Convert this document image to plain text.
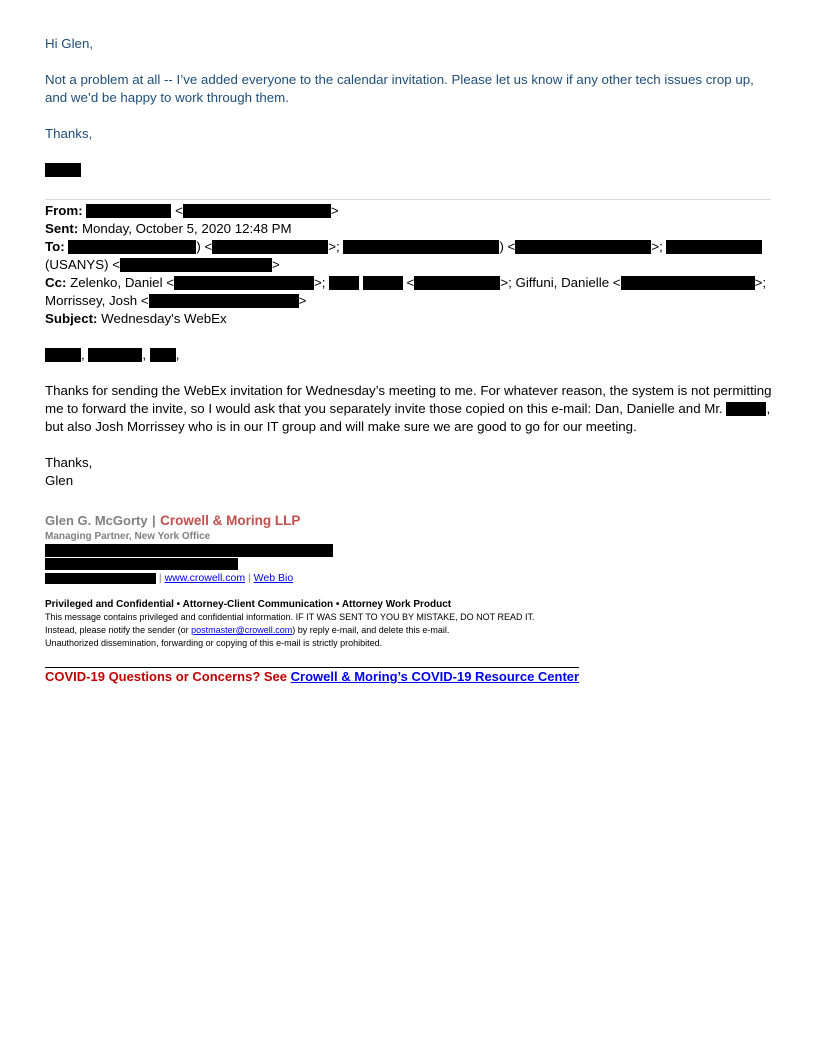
Hi Glen,

Not a problem at all -- I’ve added everyone to the calendar invitation. Please let us know if any other tech issues crop up, and we’d be happy to work through them.

Thanks,

From:	<	>
Sent: Monday, October 5, 2020 12:48 PM
To:	) <	>;	) <	>;
(USANYS) <	>
Cc: Zelenko, Daniel <	>;	<	>; Giffuni, Danielle <	>;
Morrissey, Josh <	>
Subject: Wednesday's WebEx

,	, ,

Thanks for sending the WebEx invitation for Wednesday’s meeting to me. For whatever reason, the system is not permitting me to forward the invite, so I would ask that you separately invite those copied on this e-mail: Dan, Danielle and Mr.	, but also Josh Morrissey who is in our IT group and will make sure we are good to go for our meeting.

Thanks,
Glen
Glen G. McGorty | Crowell & Moring LLP
Managing Partner, New York Office
| www.crowell.com | Web Bio
Privileged and Confidential • Attorney-Client Communication • Attorney Work Product
This message contains privileged and confidential information. IF IT WAS SENT TO YOU BY MISTAKE, DO NOT READ IT.
Instead, please notify the sender (or postmaster@crowell.com) by reply e-mail, and delete this e-mail.
Unauthorized dissemination, forwarding or copying of this e-mail is strictly prohibited.
COVID-19 Questions or Concerns? See Crowell & Moring’s COVID-19 Resource Center
